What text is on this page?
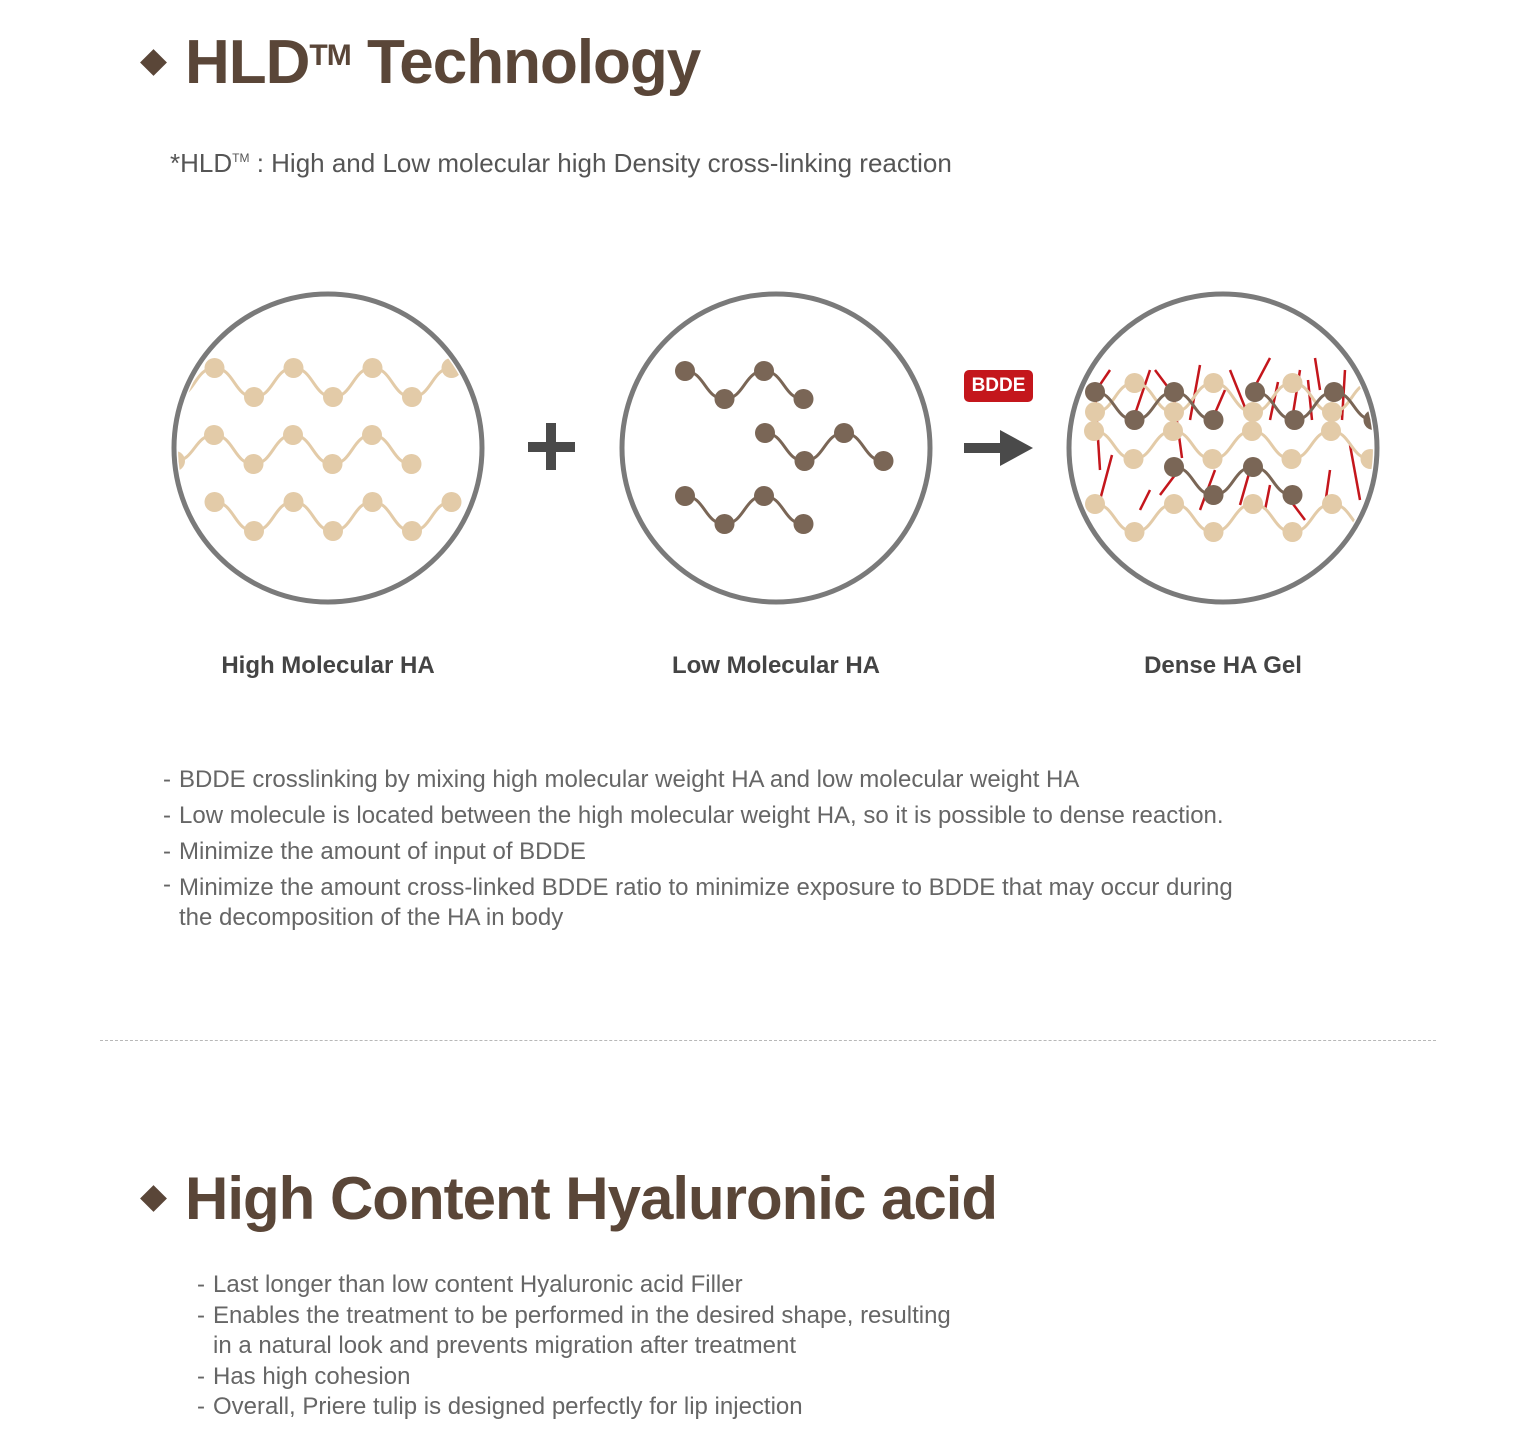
HLD TM Technology
*HLD™ : High and Low molecular high Density cross-linking reaction
BDDE
High Molecular HA	Low Molecular HA	Dense HA Gel
- BDDE crosslinking by mixing high molecular weight HA and low molecular weight HA
- Low molecule is located between the high molecular weight HA, so it is possible to dense reaction.
- Minimize the amount of input of BDDE
- Minimize the amount cross-linked BDDE ratio to minimize exposure to BDDE that may occur during
the decomposition of the HA in body
High Content Hyaluronic acid
- Last longer than low content Hyaluronic acid Filler
- Enables the treatment to be performed in the desired shape, resulting
in a natural look and prevents migration after treatment
- Has high cohesion
- Overall, Priere tulip is designed perfectly for lip injection
